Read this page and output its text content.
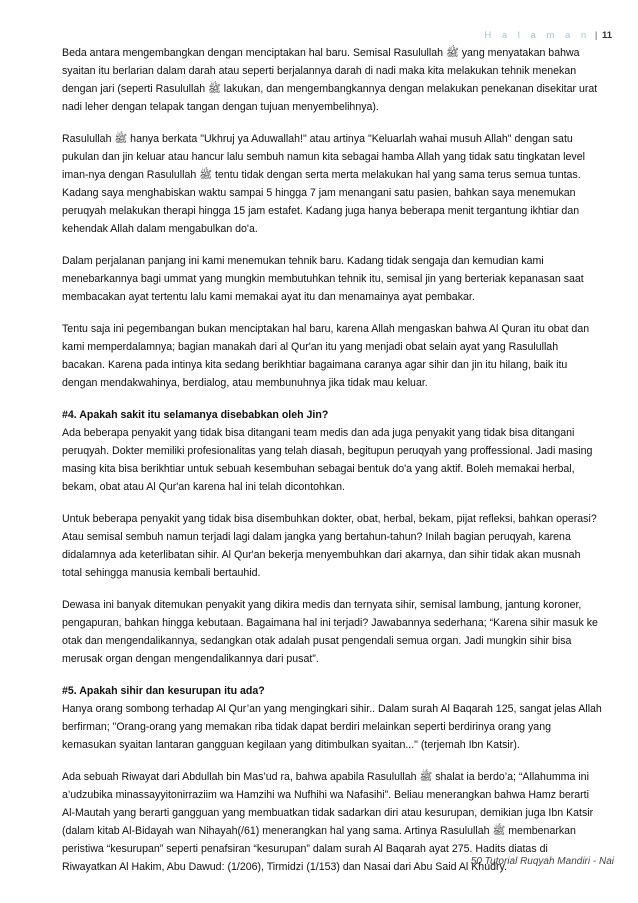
H a l a m a n | 11

Beda antara mengembangkan dengan menciptakan hal baru. Semisal Rasulullah ﷺ yang menyatakan bahwa syaitan itu berlarian dalam darah atau seperti berjalannya darah di nadi maka kita melakukan tehnik menekan dengan jari (seperti Rasulullah ﷺ lakukan, dan mengembangkannya dengan melakukan penekanan disekitar urat nadi leher dengan telapak tangan dengan tujuan menyembelihnya).

Rasulullah ﷺ hanya berkata "Ukhruj ya Aduwallah!" atau artinya "Keluarlah wahai musuh Allah" dengan satu pukulan dan jin keluar atau hancur lalu sembuh namun kita sebagai hamba Allah yang tidak satu tingkatan level iman-nya dengan Rasulullah ﷺ tentu tidak dengan serta merta melakukan hal yang sama terus semua tuntas. Kadang saya menghabiskan waktu sampai 5 hingga 7 jam menangani satu pasien, bahkan saya menemukan peruqyah melakukan therapi hingga 15 jam estafet. Kadang juga hanya beberapa menit tergantung ikhtiar dan kehendak Allah dalam mengabulkan do'a.

Dalam perjalanan panjang ini kami menemukan tehnik baru. Kadang tidak sengaja dan kemudian kami menebarkannya bagi ummat yang mungkin membutuhkan tehnik itu, semisal jin yang berteriak kepanasan saat membacakan ayat tertentu lalu kami memakai ayat itu dan menamainya ayat pembakar.

Tentu saja ini pegembangan bukan menciptakan hal baru, karena Allah mengaskan bahwa Al Quran itu obat dan kami memperdalamnya; bagian manakah dari al Qur'an itu yang menjadi obat selain ayat yang Rasulullah bacakan. Karena pada intinya kita sedang berikhtiar bagaimana caranya agar sihir dan jin itu hilang, baik itu dengan mendakwahinya, berdialog, atau membunuhnya jika tidak mau keluar.

#4. Apakah sakit itu selamanya disebabkan oleh Jin?
Ada beberapa penyakit yang tidak bisa ditangani team medis dan ada juga penyakit yang tidak bisa ditangani peruqyah. Dokter memiliki profesionalitas yang telah diasah, begitupun peruqyah yang proffessional. Jadi masing masing kita bisa berikhtiar untuk sebuah kesembuhan sebagai bentuk do'a yang aktif. Boleh memakai herbal, bekam, obat atau Al Qur'an karena hal ini telah dicontohkan.

Untuk beberapa penyakit yang tidak bisa disembuhkan dokter, obat, herbal, bekam, pijat refleksi, bahkan operasi? Atau semisal sembuh namun terjadi lagi dalam jangka yang bertahun-tahun? Inilah bagian peruqyah, karena didalamnya ada keterlibatan sihir. Al Qur'an bekerja menyembuhkan dari akarnya, dan sihir tidak akan musnah total sehingga manusia kembali bertauhid.

Dewasa ini banyak ditemukan penyakit yang dikira medis dan ternyata sihir, semisal lambung, jantung koroner, pengapuran, bahkan hingga kebutaan. Bagaimana hal ini terjadi? Jawabannya sederhana; “Karena sihir masuk ke otak dan mengendalikannya, sedangkan otak adalah pusat pengendali semua organ. Jadi mungkin sihir bisa merusak organ dengan mengendalikannya dari pusat”.

#5. Apakah sihir dan kesurupan itu ada?
Hanya orang sombong terhadap Al Qur’an yang mengingkari sihir.. Dalam surah Al Baqarah 125, sangat jelas Allah berfirman; "Orang-orang yang memakan riba tidak dapat berdiri melainkan seperti berdirinya orang yang kemasukan syaitan lantaran gangguan kegilaan yang ditimbulkan syaitan..." (terjemah Ibn Katsir).

Ada sebuah Riwayat dari Abdullah bin Mas’ud ra, bahwa apabila Rasulullah ﷺ shalat ia berdo’a; “Allahumma ini a’udzubika minassayyitonirraziim wa Hamzihi wa Nufhihi wa Nafasihi”. Beliau menerangkan bahwa Hamz berarti Al-Mautah yang berarti gangguan yang membuatkan tidak sadarkan diri atau kesurupan, demikian juga Ibn Katsir (dalam kitab Al-Bidayah wan Nihayah(/61) menerangkan hal yang sama. Artinya Rasulullah ﷺ membenarkan peristiwa “kesurupan” seperti penafsiran “kesurupan” dalam surah Al Baqarah ayat 275. Hadits diatas di Riwayatkan Al Hakim, Abu Dawud: (1/206), Tirmidzi (1/153) dan Nasai dari Abu Said Al Khudry.

50 Tutorial Ruqyah Mandiri - Nai
